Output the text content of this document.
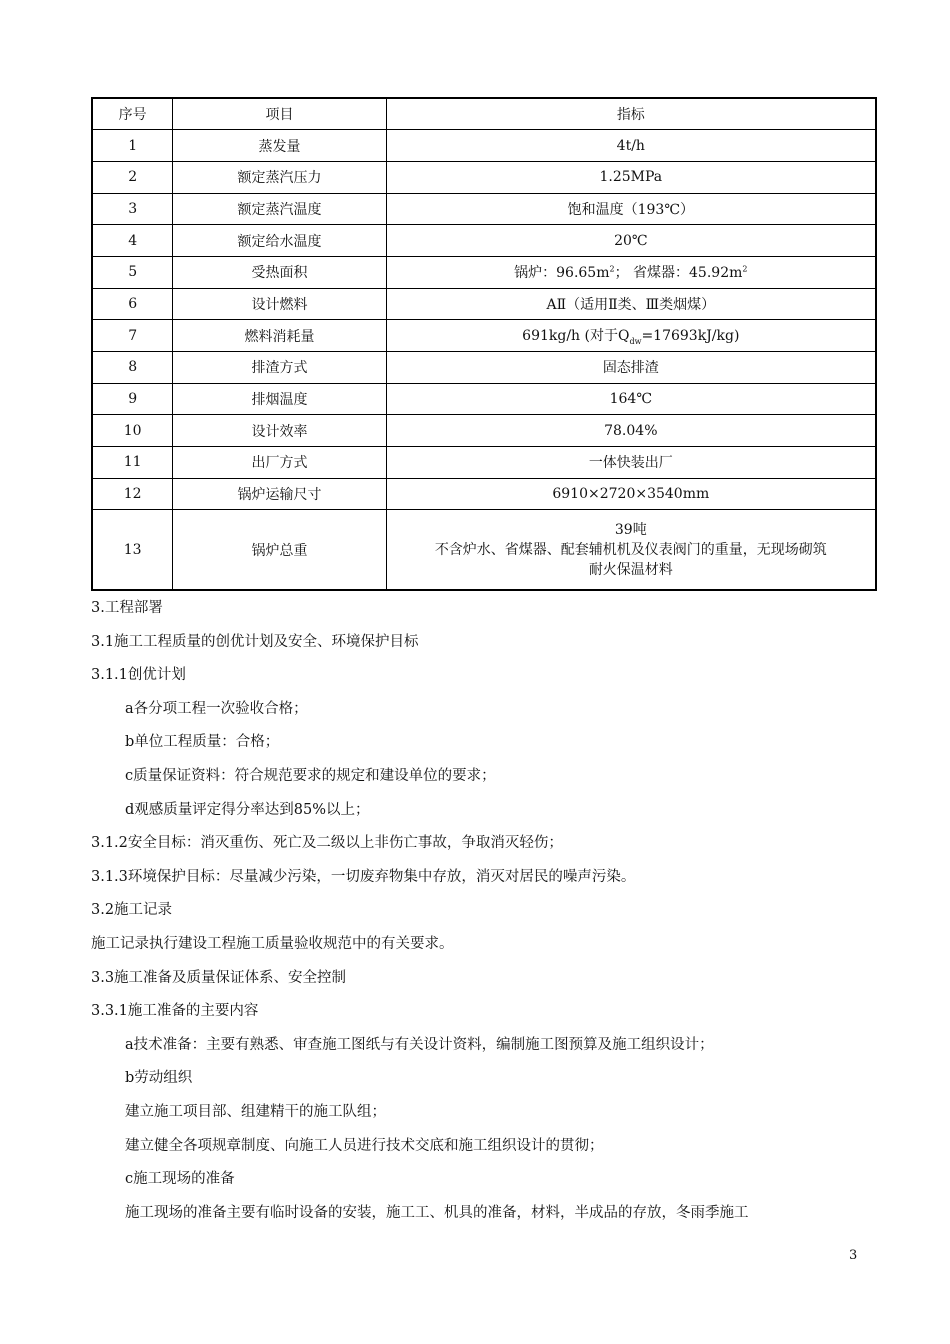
序号	项目	指标
1	蒸发量	4t/h
2	额定蒸汽压力	1.25MPa
3	额定蒸汽温度	饱和温度（193℃）
4	额定给水温度	20℃
5	受热面积	锅炉：$96.65m^2$； 省煤器：$45.92m^2$
6	设计燃料	AⅡ（适用Ⅱ类、Ⅲ类烟煤）
7	燃料消耗量	691kg/h (对于$Q_{dw}=17693kJ/kg$)
8	排渣方式	固态排渣
9	排烟温度	164℃
10	设计效率	78.04%
11	出厂方式	一体快装出厂
12	锅炉运输尺寸	6910×2720×3540mm
13	锅炉总重	39吨
不含炉水、省煤器、配套辅机机及仪表阀门的重量，无现场砌筑
耐火保温材料
3.工程部署
3.1施工工程质量的创优计划及安全、环境保护目标
3.1.1创优计划
a各分项工程一次验收合格；
b单位工程质量：合格；
c质量保证资料：符合规范要求的规定和建设单位的要求；
d观感质量评定得分率达到85%以上；
3.1.2安全目标：消灭重伤、死亡及二级以上非伤亡事故，争取消灭轻伤；
3.1.3环境保护目标：尽量减少污染，一切废弃物集中存放，消灭对居民的噪声污染。
3.2施工记录
施工记录执行建设工程施工质量验收规范中的有关要求。
3.3施工准备及质量保证体系、安全控制
3.3.1施工准备的主要内容
a技术准备：主要有熟悉、审查施工图纸与有关设计资料，编制施工图预算及施工组织设计；
b劳动组织
建立施工项目部、组建精干的施工队组；
建立健全各项规章制度、向施工人员进行技术交底和施工组织设计的贯彻；
c施工现场的准备
施工现场的准备主要有临时设备的安装，施工工、机具的准备，材料，半成品的存放，冬雨季施工
3
